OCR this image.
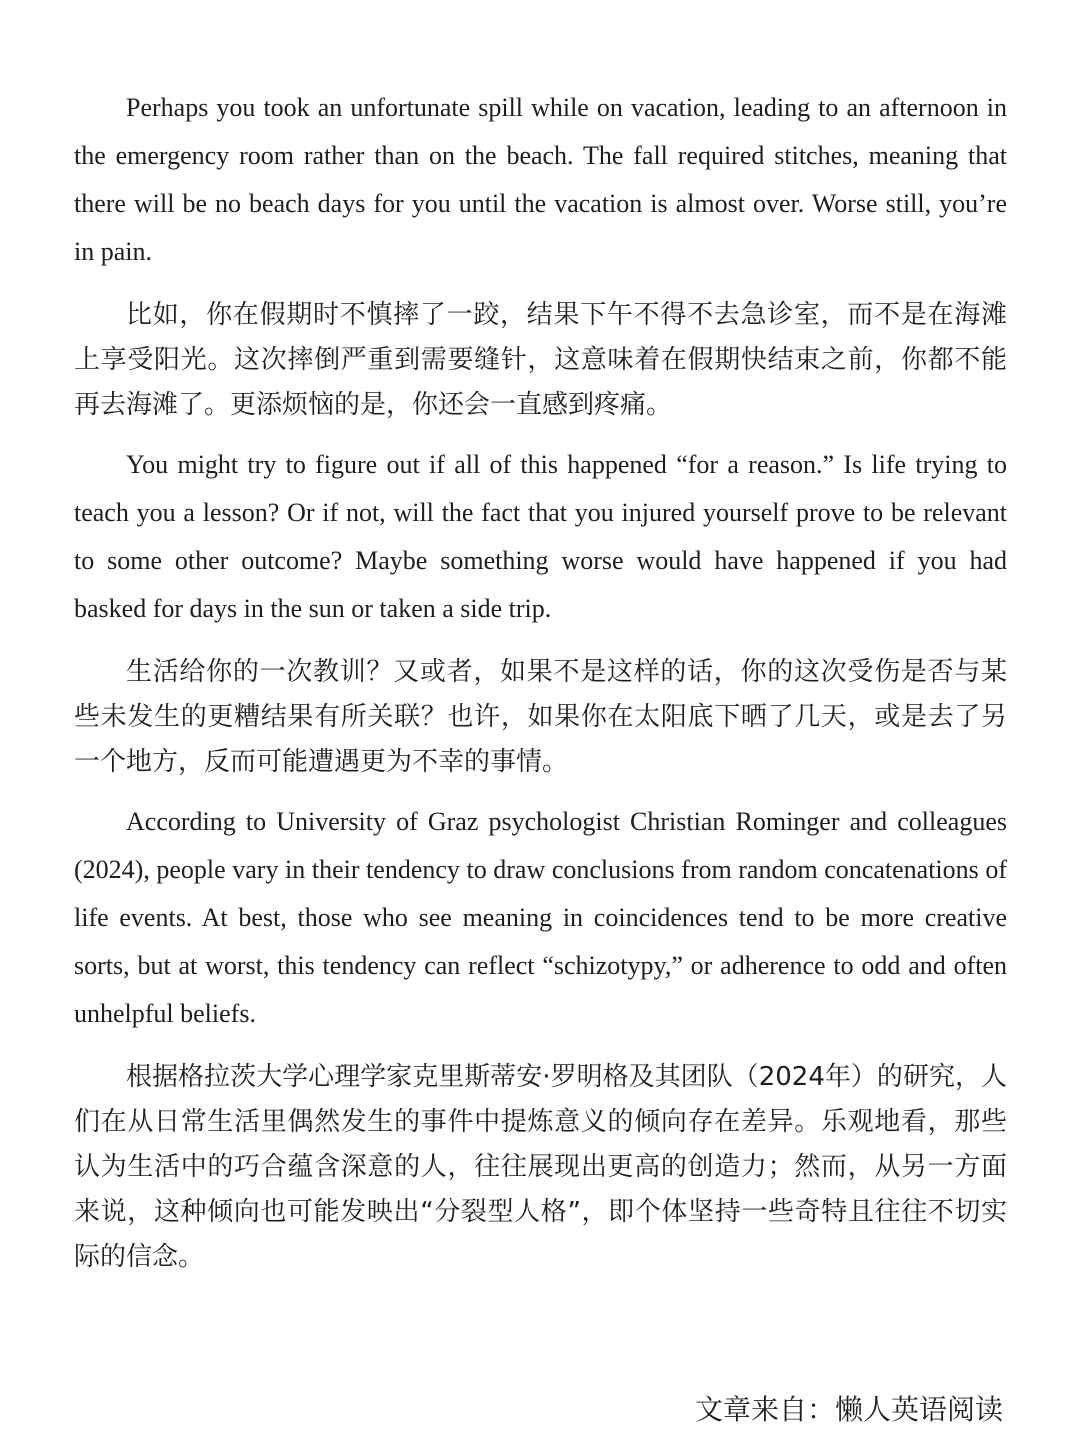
Perhaps you took an unfortunate spill while on vacation, leading to an afternoon in the emergency room rather than on the beach. The fall required stitches, meaning that there will be no beach days for you until the vacation is almost over. Worse still, you’re in pain.

比如，你在假期时不慎摔了一跤，结果下午不得不去急诊室，而不是在海滩上享受阳光。这次摔倒严重到需要缝针，这意味着在假期快结束之前，你都不能再去海滩了。更添烦恼的是，你还会一直感到疼痛。

You might try to figure out if all of this happened “for a reason.” Is life trying to teach you a lesson? Or if not, will the fact that you injured yourself prove to be relevant to some other outcome? Maybe something worse would have happened if you had basked for days in the sun or taken a side trip.

生活给你的一次教训？又或者，如果不是这样的话，你的这次受伤是否与某些未发生的更糟结果有所关联？也许，如果你在太阳底下晒了几天，或是去了另一个地方，反而可能遭遇更为不幸的事情。

According to University of Graz psychologist Christian Rominger and colleagues (2024), people vary in their tendency to draw conclusions from random concatenations of life events. At best, those who see meaning in coincidences tend to be more creative sorts, but at worst, this tendency can reflect “schizotypy,” or adherence to odd and often unhelpful beliefs.

根据格拉茨大学心理学家克里斯蒂安·罗明格及其团队（2024年）的研究，人们在从日常生活里偶然发生的事件中提炼意义的倾向存在差异。乐观地看，那些认为生活中的巧合蕴含深意的人，往往展现出更高的创造力；然而，从另一方面来说，这种倾向也可能发映出“分裂型人格”，即个体坚持一些奇特且往往不切实际的信念。

文章来自：懒人英语阅读
